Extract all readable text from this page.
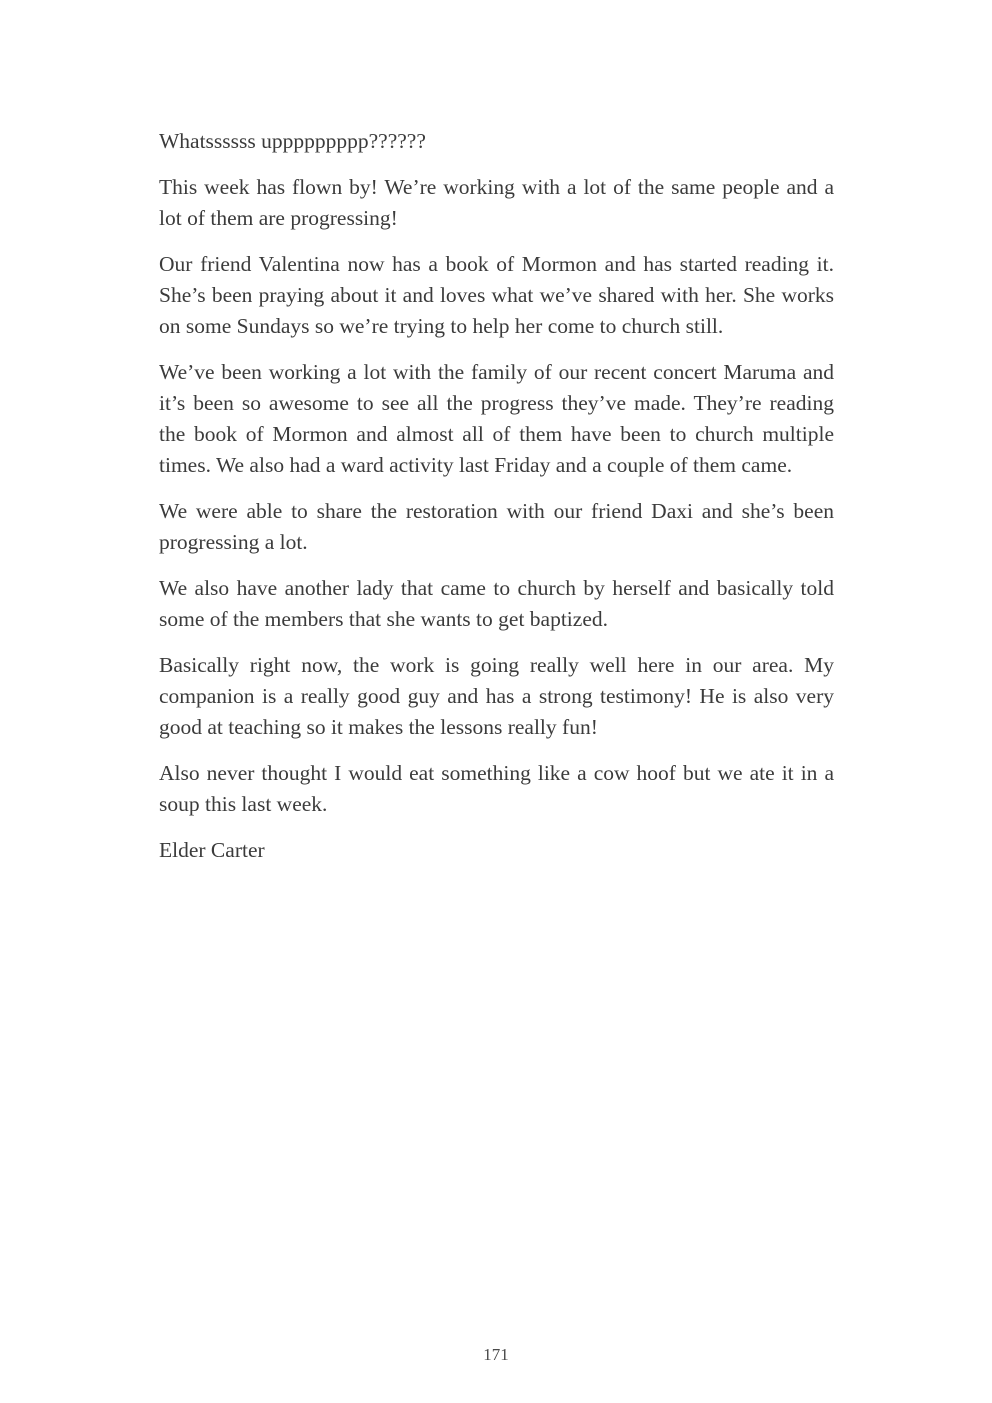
Whatssssss uppppppppp??????

This week has flown by! We’re working with a lot of the same people and a lot of them are progressing!

Our friend Valentina now has a book of Mormon and has started reading it. She’s been praying about it and loves what we’ve shared with her. She works on some Sundays so we’re trying to help her come to church still.

We’ve been working a lot with the family of our recent concert Maruma and it’s been so awesome to see all the progress they’ve made. They’re reading the book of Mormon and almost all of them have been to church multiple times. We also had a ward activity last Friday and a couple of them came.

We were able to share the restoration with our friend Daxi and she’s been progressing a lot.

We also have another lady that came to church by herself and basically told some of the members that she wants to get baptized.

Basically right now, the work is going really well here in our area. My companion is a really good guy and has a strong testimony! He is also very good at teaching so it makes the lessons really fun!

Also never thought I would eat something like a cow hoof but we ate it in a soup this last week.

Elder Carter

171
